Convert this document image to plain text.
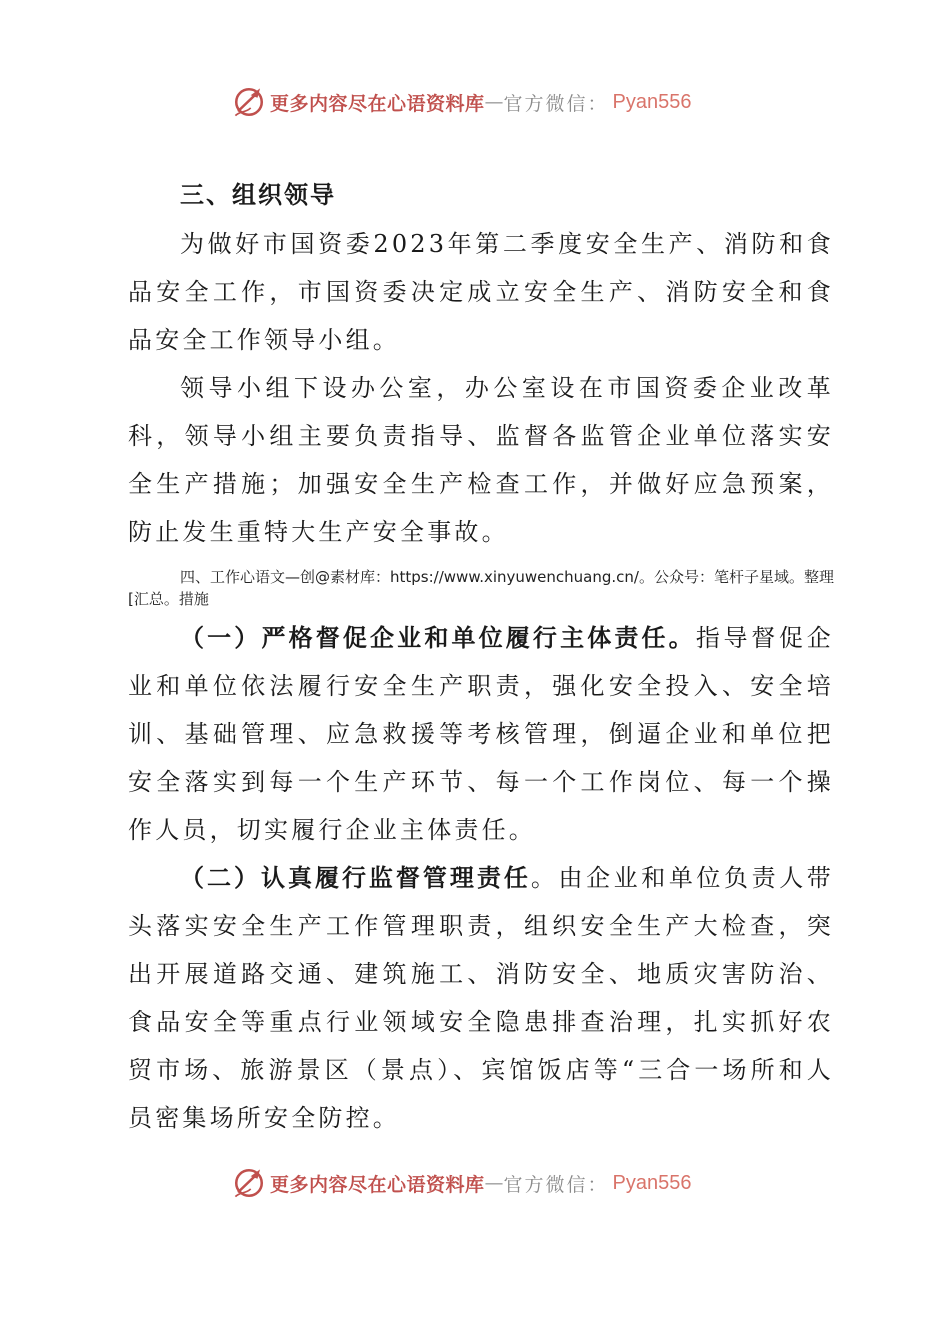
更多内容尽在心语资料库 — 官方微信： Pyan556
三、组织领导

为做好市国资委2023年第二季度安全生产、消防和食品安全工作，市国资委决定成立安全生产、消防安全和食品安全工作领导小组。

领导小组下设办公室，办公室设在市国资委企业改革科，领导小组主要负责指导、监督各监管企业单位落实安全生产措施；加强安全生产检查工作，并做好应急预案，防止发生重特大生产安全事故。

四、工作心语文—创@素材库：https://www.xinyuwenchuang.cn/。公众号：笔杆子星域。整理[汇总。措施

（一）严格督促企业和单位履行主体责任。指导督促企业和单位依法履行安全生产职责，强化安全投入、安全培训、基础管理、应急救援等考核管理，倒逼企业和单位把安全落实到每一个生产环节、每一个工作岗位、每一个操作人员，切实履行企业主体责任。

（二）认真履行监督管理责任。由企业和单位负责人带头落实安全生产工作管理职责，组织安全生产大检查，突出开展道路交通、建筑施工、消防安全、地质灾害防治、食品安全等重点行业领域安全隐患排查治理，扎实抓好农贸市场、旅游景区（景点）、宾馆饭店等“三合一场所和人员密集场所安全防控。

更多内容尽在心语资料库 — 官方微信： Pyan556
